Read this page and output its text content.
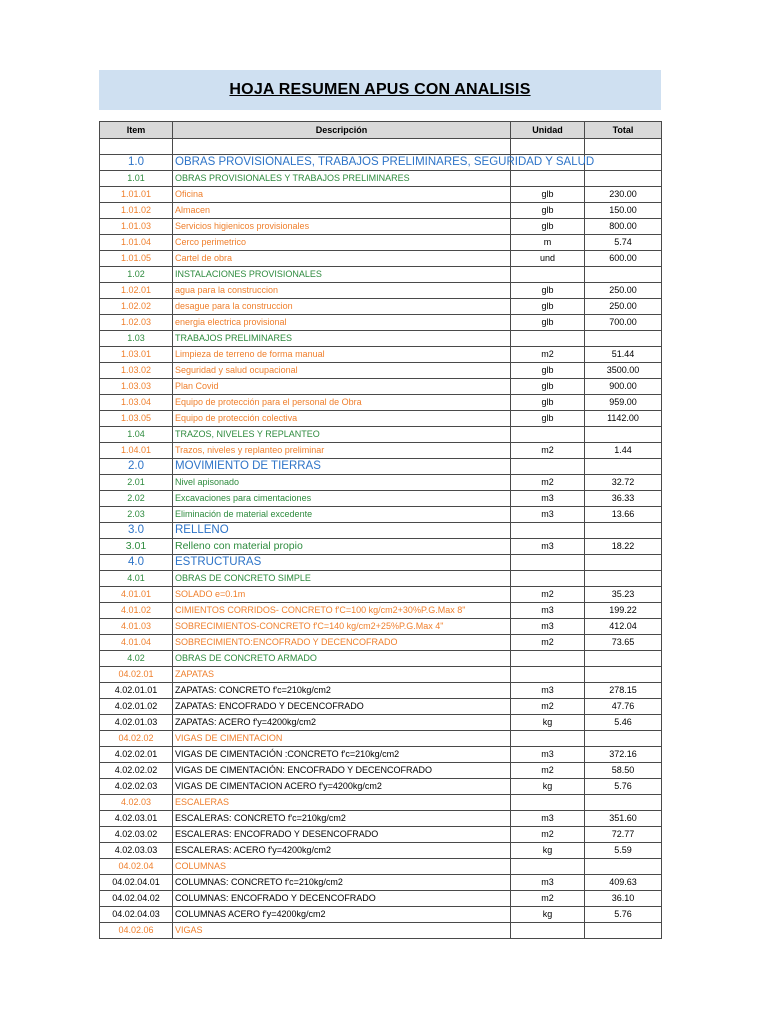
HOJA RESUMEN APUS CON ANALISIS
Item	Descripción	Unidad	Total

1.0	OBRAS PROVISIONALES, TRABAJOS PRELIMINARES, SEGURIDAD Y SALUD		
1.01	OBRAS PROVISIONALES Y TRABAJOS PRELIMINARES		
1.01.01	Oficina	glb	230.00
1.01.02	Almacen	glb	150.00
1.01.03	Servicios higienicos provisionales	glb	800.00
1.01.04	Cerco perimetrico	m	5.74
1.01.05	Cartel de obra	und	600.00
1.02	INSTALACIONES PROVISIONALES		
1.02.01	agua para la construccion	glb	250.00
1.02.02	desague para la construccion	glb	250.00
1.02.03	energia electrica provisional	glb	700.00
1.03	TRABAJOS PRELIMINARES		
1.03.01	Limpieza de terreno de forma manual	m2	51.44
1.03.02	Seguridad y salud ocupacional	glb	3500.00
1.03.03	Plan Covid	glb	900.00
1.03.04	Equipo de protección para el personal de Obra	glb	959.00
1.03.05	Equipo de protección colectiva	glb	1142.00
1.04	TRAZOS, NIVELES Y REPLANTEO		
1.04.01	Trazos, niveles y replanteo preliminar	m2	1.44
2.0	MOVIMIENTO DE TIERRAS		
2.01	Nivel apisonado	m2	32.72
2.02	Excavaciones para cimentaciones	m3	36.33
2.03	Eliminación de material excedente	m3	13.66
3.0	RELLENO		
3.01	Relleno con material propio	m3	18.22
4.0	ESTRUCTURAS		
4.01	OBRAS DE CONCRETO SIMPLE		
4.01.01	SOLADO e=0.1m	m2	35.23
4.01.02	CIMIENTOS CORRIDOS- CONCRETO f'C=100 kg/cm2+30%P.G.Max 8"	m3	199.22
4.01.03	SOBRECIMIENTOS-CONCRETO f'C=140 kg/cm2+25%P.G.Max 4"	m3	412.04
4.01.04	SOBRECIMIENTO:ENCOFRADO Y DECENCOFRADO	m2	73.65
4.02	OBRAS DE CONCRETO ARMADO		
04.02.01	ZAPATAS		
4.02.01.01	ZAPATAS: CONCRETO f'c=210kg/cm2	m3	278.15
4.02.01.02	ZAPATAS: ENCOFRADO Y DECENCOFRADO	m2	47.76
4.02.01.03	ZAPATAS: ACERO f'y=4200kg/cm2	kg	5.46
04.02.02	VIGAS DE CIMENTACION		
4.02.02.01	VIGAS DE CIMENTACIÓN :CONCRETO f'c=210kg/cm2	m3	372.16
4.02.02.02	VIGAS DE CIMENTACIÓN: ENCOFRADO Y DECENCOFRADO	m2	58.50
4.02.02.03	VIGAS DE CIMENTACION ACERO f'y=4200kg/cm2	kg	5.76
4.02.03	ESCALERAS		
4.02.03.01	ESCALERAS: CONCRETO f'c=210kg/cm2	m3	351.60
4.02.03.02	ESCALERAS: ENCOFRADO Y DESENCOFRADO	m2	72.77
4.02.03.03	ESCALERAS: ACERO f'y=4200kg/cm2	kg	5.59
04.02.04	COLUMNAS		
04.02.04.01	COLUMNAS: CONCRETO f'c=210kg/cm2	m3	409.63
04.02.04.02	COLUMNAS: ENCOFRADO Y DECENCOFRADO	m2	36.10
04.02.04.03	COLUMNAS ACERO f'y=4200kg/cm2	kg	5.76
04.02.06	VIGAS		
